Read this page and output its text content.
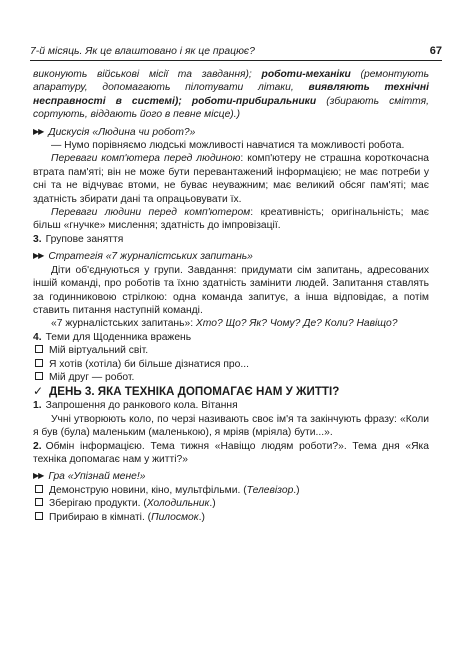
7-й місяць. Як це влаштовано і як це працює?	67

виконують військові місії та завдання); роботи-механіки (ремонтують апаратуру, допомагають пілотувати літаки, виявляють технічні несправності в системі); роботи-прибиральники (збирають сміття, сортують, віддають його в певне місце).)

▶▶ Дискусія «Людина чи робот?»

— Нумо порівняємо людські можливості навчатися та можливості робота.

Переваги комп'ютера перед людиною: комп'ютеру не страшна короткочасна втрата пам'яті; він не може бути перевантажений інформацією; не має потреби у сні та не відчуває втоми, не буває неуважним; має великий обсяг пам'яті; має здатність збирати дані та опрацьовувати їх.

Переваги людини перед комп'ютером: креативність; оригінальність; має більш «гнучке» мислення; здатність до імпровізації.

3. Групове заняття

▶▶ Стратегія «7 журналістських запитань»

Діти об'єднуються у групи. Завдання: придумати сім запитань, адресованих іншій команді, про роботів та їхню здатність замінити людей. Запитання ставлять за годинниковою стрілкою: одна команда запитує, а інша відповідає, а потім ставить питання наступній команді.

«7 журналістських запитань»: Хто? Що? Як? Чому? Де? Коли? Навіщо?

4. Теми для Щоденника вражень

Мій віртуальний світ.

Я хотів (хотіла) би більше дізнатися про...

Мій друг — робот.

✓ ДЕНЬ 3. ЯКА ТЕХНІКА ДОПОМАГАЄ НАМ У ЖИТТІ?

1. Запрошення до ранкового кола. Вітання

Учні утворюють коло, по черзі називають своє ім'я та закінчують фразу: «Коли я був (була) маленьким (маленькою), я мріяв (мріяла) бути...».

2. Обмін інформацією. Тема тижня «Навіщо людям роботи?». Тема дня «Яка техніка допомагає нам у житті?»

▶▶ Гра «Упізнай мене!»

Демонструю новини, кіно, мультфільми. (Телевізор.)

Зберігаю продукти. (Холодильник.)

Прибираю в кімнаті. (Пилосмок.)
